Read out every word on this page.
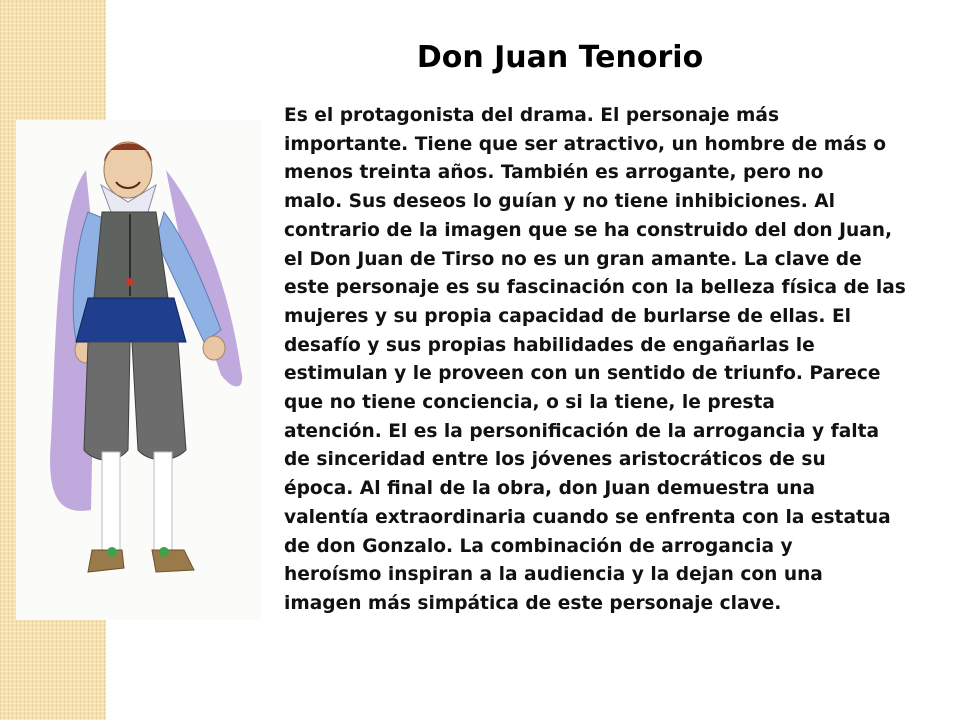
Don Juan Tenorio

Es el protagonista del drama. El personaje más
importante. Tiene que ser atractivo, un hombre de más o
menos treinta años. También es arrogante, pero no
malo. Sus deseos lo guían y no tiene inhibiciones. Al
contrario de la imagen que se ha construido del don Juan,
el Don Juan de Tirso no es un gran amante. La clave de
este personaje es su fascinación con la belleza física de las
mujeres y su propia capacidad de burlarse de ellas. El
desafío y sus propias habilidades de engañarlas le
estimulan y le proveen con un sentido de triunfo. Parece
que no tiene conciencia, o si la tiene, le presta
atención. El es la personificación de la arrogancia y falta
de sinceridad entre los jóvenes aristocráticos de su
época. Al final de la obra, don Juan demuestra una
valentía extraordinaria cuando se enfrenta con la estatua
de don Gonzalo. La combinación de arrogancia y
heroísmo inspiran a la audiencia y la dejan con una
imagen más simpática de este personaje clave.
